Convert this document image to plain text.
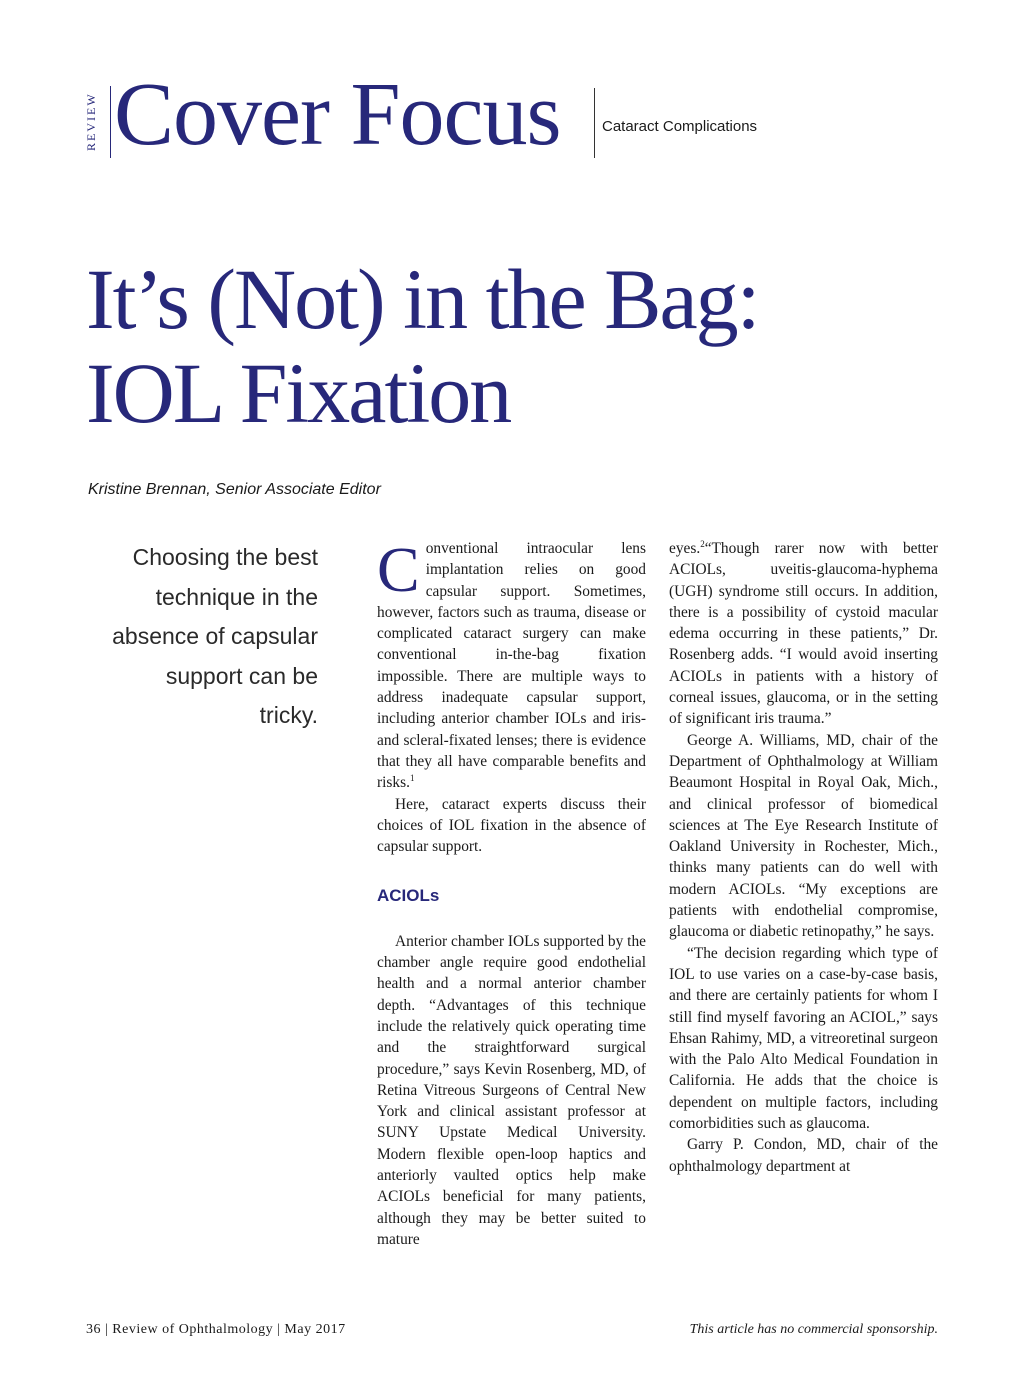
REVIEW Cover Focus	Cataract Complications
It’s (Not) in the Bag:
IOL Fixation
Kristine Brennan, Senior Associate Editor
Choosing the best technique in the absence of capsular support can be tricky.

Conventional intraocular lens implantation relies on good capsular support. Sometimes, however, factors such as trauma, disease or complicated cataract surgery can make conventional in-the-bag fixation impossible. There are multiple ways to address inadequate capsular support, including anterior chamber IOLs and iris- and scleral-fixated lenses; there is evidence that they all have comparable benefits and risks.$^1$

Here, cataract experts discuss their choices of IOL fixation in the absence of capsular support.

ACIOLs

Anterior chamber IOLs supported by the chamber angle require good endothelial health and a normal anterior chamber depth. “Advantages of this technique include the relatively quick operating time and the straightforward surgical procedure,” says Kevin Rosenberg, MD, of Retina Vitreous Surgeons of Central New York and clinical assistant professor at SUNY Upstate Medical University. Modern flexible open-loop haptics and anteriorly vaulted optics help make ACIOLs beneficial for many patients, although they may be better suited to mature

eyes.$^2$“Though rarer now with better ACIOLs, uveitis-glaucoma-hyphema (UGH) syndrome still occurs. In addition, there is a possibility of cystoid macular edema occurring in these patients,” Dr. Rosenberg adds. “I would avoid inserting ACIOLs in patients with a history of corneal issues, glaucoma, or in the setting of significant iris trauma.”

George A. Williams, MD, chair of the Department of Ophthalmology at William Beaumont Hospital in Royal Oak, Mich., and clinical professor of biomedical sciences at The Eye Research Institute of Oakland University in Rochester, Mich., thinks many patients can do well with modern ACIOLs. “My exceptions are patients with endothelial compromise, glaucoma or diabetic retinopathy,” he says.

“The decision regarding which type of IOL to use varies on a case-by-case basis, and there are certainly patients for whom I still find myself favoring an ACIOL,” says Ehsan Rahimy, MD, a vitreoretinal surgeon with the Palo Alto Medical Foundation in California. He adds that the choice is dependent on multiple factors, including comorbidities such as glaucoma.

Garry P. Condon, MD, chair of the ophthalmology department at

36 | Review of Ophthalmology | May 2017	This article has no commercial sponsorship.
